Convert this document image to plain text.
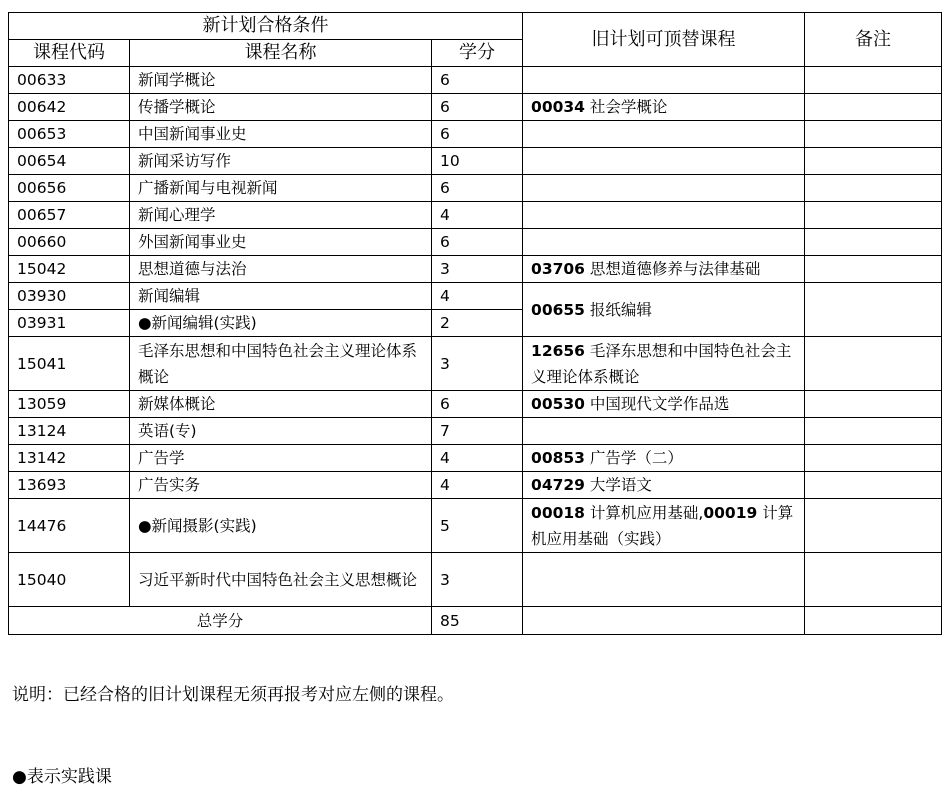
新计划合格条件			旧计划可顶替课程	备注
课程代码	课程名称	学分		
00633	新闻学概论	6		
00642	传播学概论	6	00034 社会学概论	
00653	中国新闻事业史	6		
00654	新闻采访写作	10		
00656	广播新闻与电视新闻	6		
00657	新闻心理学	4		
00660	外国新闻事业史	6		
15042	思想道德与法治	3	03706 思想道德修养与法律基础	
03930	新闻编辑	4	00655 报纸编辑	
03931	●新闻编辑(实践)	2		
15041	毛泽东思想和中国特色社会主义理论体系概论	3	12656 毛泽东思想和中国特色社会主义理论体系概论	
13059	新媒体概论	6	00530 中国现代文学作品选	
13124	英语(专)	7		
13142	广告学	4	00853 广告学（二）	
13693	广告实务	4	04729 大学语文	
14476	●新闻摄影(实践)	5	00018 计算机应用基础,00019 计算机应用基础（实践）	
15040	习近平新时代中国特色社会主义思想概论	3		
总学分		85		
说明：已经合格的旧计划课程无须再报考对应左侧的课程。
●表示实践课
